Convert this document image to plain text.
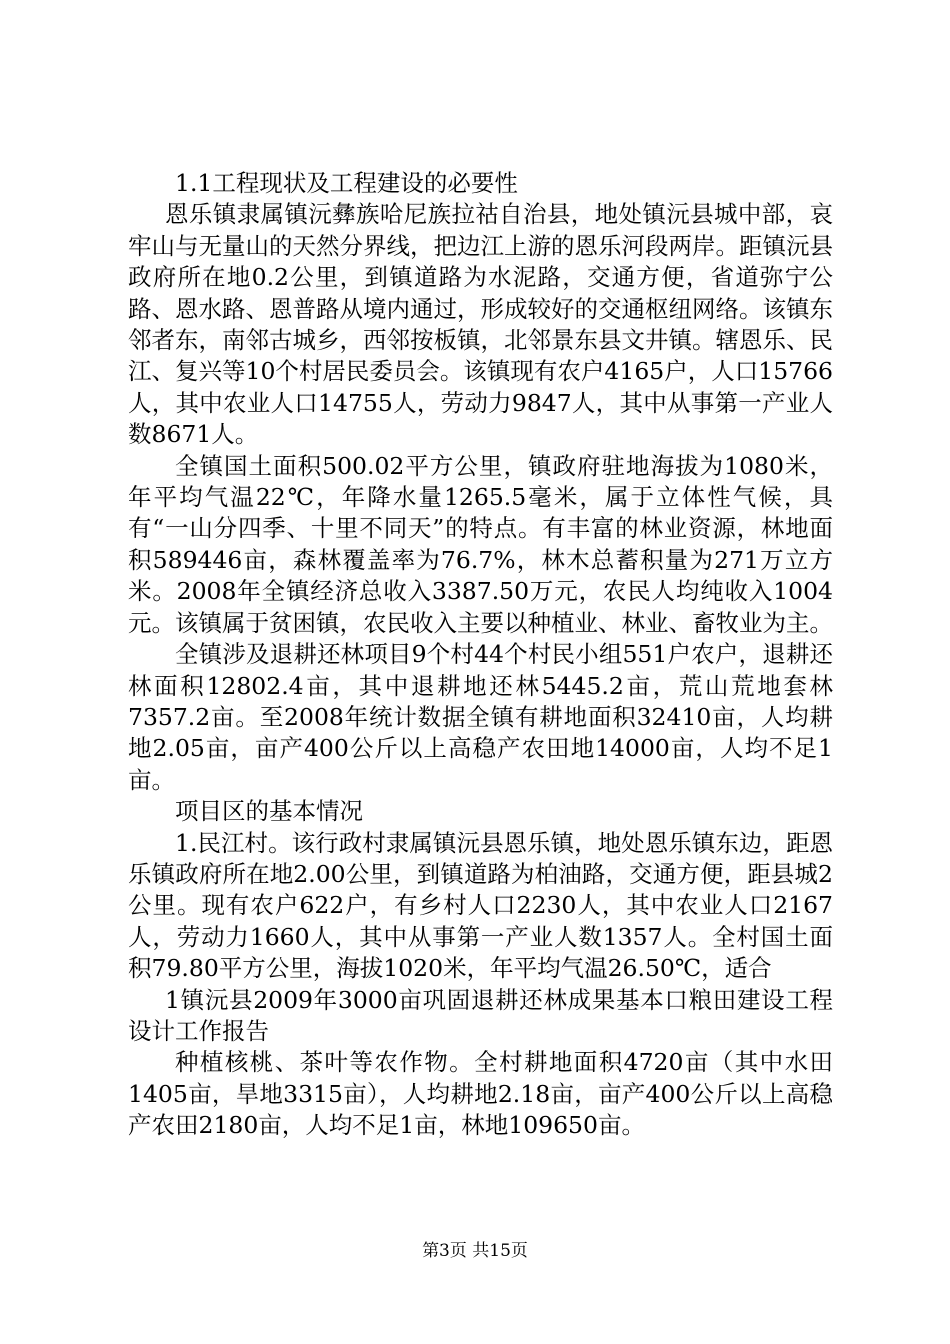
1.1工程现状及工程建设的必要性

恩乐镇隶属镇沅彝族哈尼族拉祜自治县，地处镇沅县城中部，哀牢山与无量山的天然分界线，把边江上游的恩乐河段两岸。距镇沅县政府所在地0.2公里，到镇道路为水泥路，交通方便，省道弥宁公路、恩水路、恩普路从境内通过，形成较好的交通枢纽网络。该镇东邻者东，南邻古城乡，西邻按板镇，北邻景东县文井镇。辖恩乐、民江、复兴等10个村居民委员会。该镇现有农户4165户，人口15766人，其中农业人口14755人，劳动力9847人，其中从事第一产业人数8671人。

全镇国土面积500.02平方公里，镇政府驻地海拔为1080米，年平均气温22℃，年降水量1265.5毫米，属于立体性气候，具有“一山分四季、十里不同天”的特点。有丰富的林业资源，林地面积589446亩，森林覆盖率为76.7%，林木总蓄积量为271万立方米。2008年全镇经济总收入3387.50万元，农民人均纯收入1004元。该镇属于贫困镇，农民收入主要以种植业、林业、畜牧业为主。

全镇涉及退耕还林项目9个村44个村民小组551户农户，退耕还林面积12802.4亩，其中退耕地还林5445.2亩，荒山荒地套林7357.2亩。至2008年统计数据全镇有耕地面积32410亩，人均耕地2.05亩，亩产400公斤以上高稳产农田地14000亩，人均不足1亩。

项目区的基本情况

1.民江村。该行政村隶属镇沅县恩乐镇，地处恩乐镇东边，距恩乐镇政府所在地2.00公里，到镇道路为柏油路，交通方便，距县城2公里。现有农户622户，有乡村人口2230人，其中农业人口2167人，劳动力1660人，其中从事第一产业人数1357人。全村国土面积79.80平方公里，海拔1020米，年平均气温26.50℃，适合

1镇沅县2009年3000亩巩固退耕还林成果基本口粮田建设工程设计工作报告

种植核桃、茶叶等农作物。全村耕地面积4720亩（其中水田1405亩，旱地3315亩），人均耕地2.18亩，亩产400公斤以上高稳产农田2180亩，人均不足1亩，林地109650亩。

第3页 共15页
